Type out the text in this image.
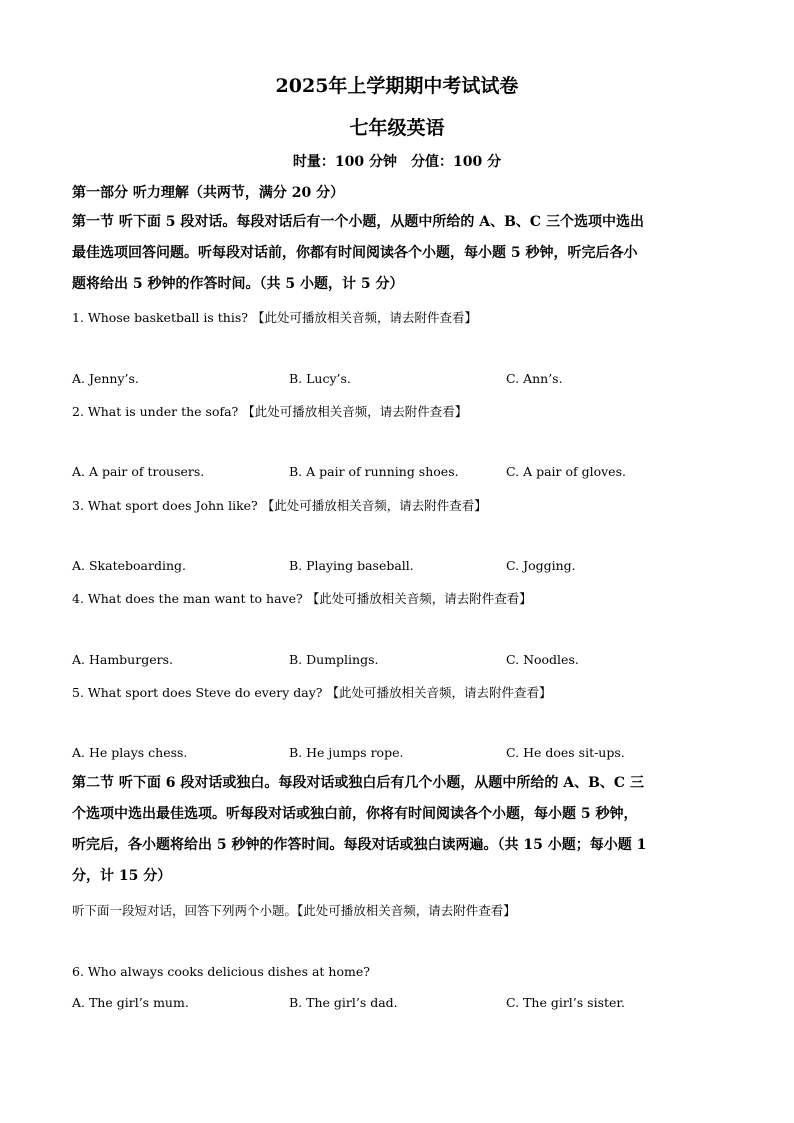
2025年上学期期中考试试卷
七年级英语
时量：100 分钟　分值：100 分
第一部分 听力理解（共两节，满分 20 分）
第一节 听下面 5 段对话。每段对话后有一个小题，从题中所给的 A、B、C 三个选项中选出
最佳选项回答问题。听每段对话前，你都有时间阅读各个小题，每小题 5 秒钟，听完后各小
题将给出 5 秒钟的作答时间。（共 5 小题，计 5 分）
1. Whose basketball is this? 【此处可播放相关音频，请去附件查看】
A. Jenny’s.	B. Lucy’s.	C. Ann’s.
2. What is under the sofa? 【此处可播放相关音频，请去附件查看】
A. A pair of trousers.	B. A pair of running shoes.	C. A pair of gloves.
3. What sport does John like? 【此处可播放相关音频，请去附件查看】
A. Skateboarding.	B. Playing baseball.	C. Jogging.
4. What does the man want to have? 【此处可播放相关音频，请去附件查看】
A. Hamburgers.	B. Dumplings.	C. Noodles.
5. What sport does Steve do every day? 【此处可播放相关音频，请去附件查看】
A. He plays chess.	B. He jumps rope.	C. He does sit-ups.
第二节 听下面 6 段对话或独白。每段对话或独白后有几个小题，从题中所给的 A、B、C 三
个选项中选出最佳选项。听每段对话或独白前，你将有时间阅读各个小题，每小题 5 秒钟，
听完后，各小题将给出 5 秒钟的作答时间。每段对话或独白读两遍。（共 15 小题；每小题 1
分，计 15 分）
听下面一段短对话，回答下列两个小题。【此处可播放相关音频，请去附件查看】
6. Who always cooks delicious dishes at home?
A. The girl’s mum.	B. The girl’s dad.	C. The girl’s sister.
